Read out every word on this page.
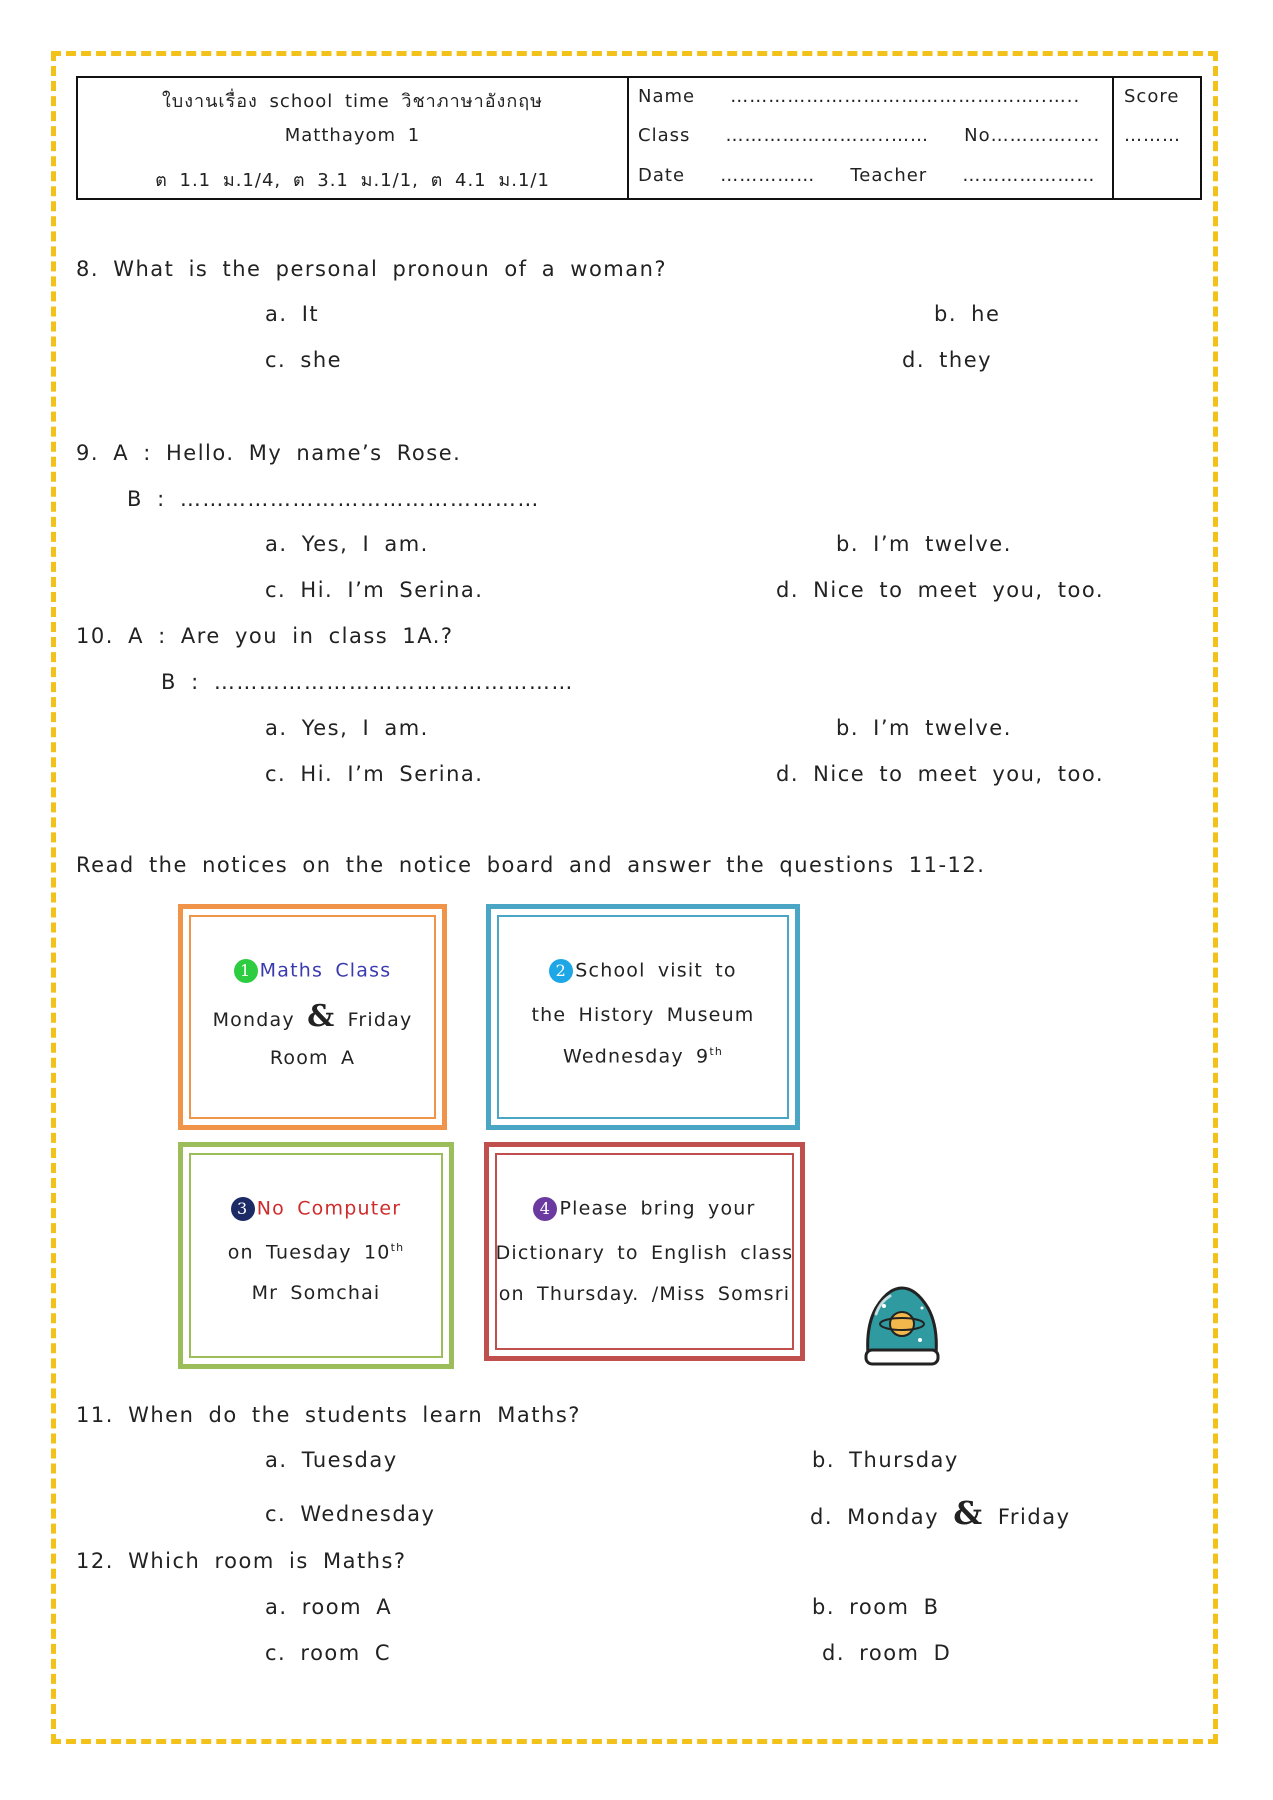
ใบงานเรื่อง school time วิชาภาษาอังกฤษ
Matthayom 1
ต 1.1 ม.1/4, ต 3.1 ม.1/1, ต 4.1 ม.1/1
Name …………………………………………..…..
Class ……………………..…… No………….....
Date …………… Teacher …………………
Score
………
8. What is the personal pronoun of a woman?
a. It	b. he
c. she	d. they
9. A : Hello. My name’s Rose.
B : …………………………………………
a. Yes, I am.	b. I’m twelve.
c. Hi. I’m Serina.	d. Nice to meet you, too.
10. A : Are you in class 1A.?
B : …………………………………………
a. Yes, I am.	b. I’m twelve.
c. Hi. I’m Serina.	d. Nice to meet you, too.
Read the notices on the notice board and answer the questions 11-12.
1 Maths Class
Monday & Friday
Room A
2 School visit to
the History Museum
Wednesday 9th
3 No Computer
on Tuesday 10th
Mr Somchai
4 Please bring your
Dictionary to English class
on Thursday. /Miss Somsri
11. When do the students learn Maths?
a. Tuesday	b. Thursday
c. Wednesday	d. Monday & Friday
12. Which room is Maths?
a. room A	b. room B
c. room C	d. room D
